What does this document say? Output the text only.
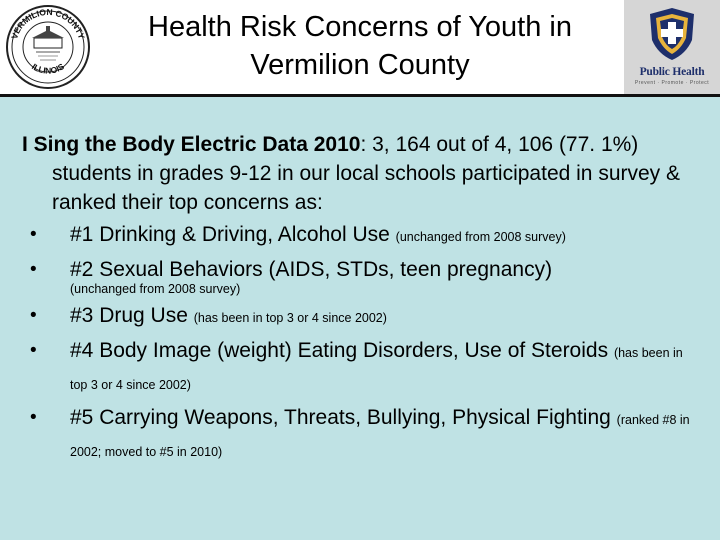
VERMILION COUNTY
ILLINOIS
Health Risk Concerns of Youth in
Vermilion County	Public Health
Prevent · Promote · Protect

I Sing the Body Electric Data 2010: 3, 164 out of 4, 106 (77. 1%) students in grades 9-12 in our local schools participated in survey & ranked their top concerns as:

• #1 Drinking & Driving, Alcohol Use (unchanged from 2008 survey)
• #2 Sexual Behaviors (AIDS, STDs, teen pregnancy)
(unchanged from 2008 survey)
• #3 Drug Use (has been in top 3 or 4 since 2002)
• #4 Body Image (weight) Eating Disorders, Use of Steroids (has been in top 3 or 4 since 2002)
• #5 Carrying Weapons, Threats, Bullying, Physical Fighting (ranked #8 in 2002; moved to #5 in 2010)
